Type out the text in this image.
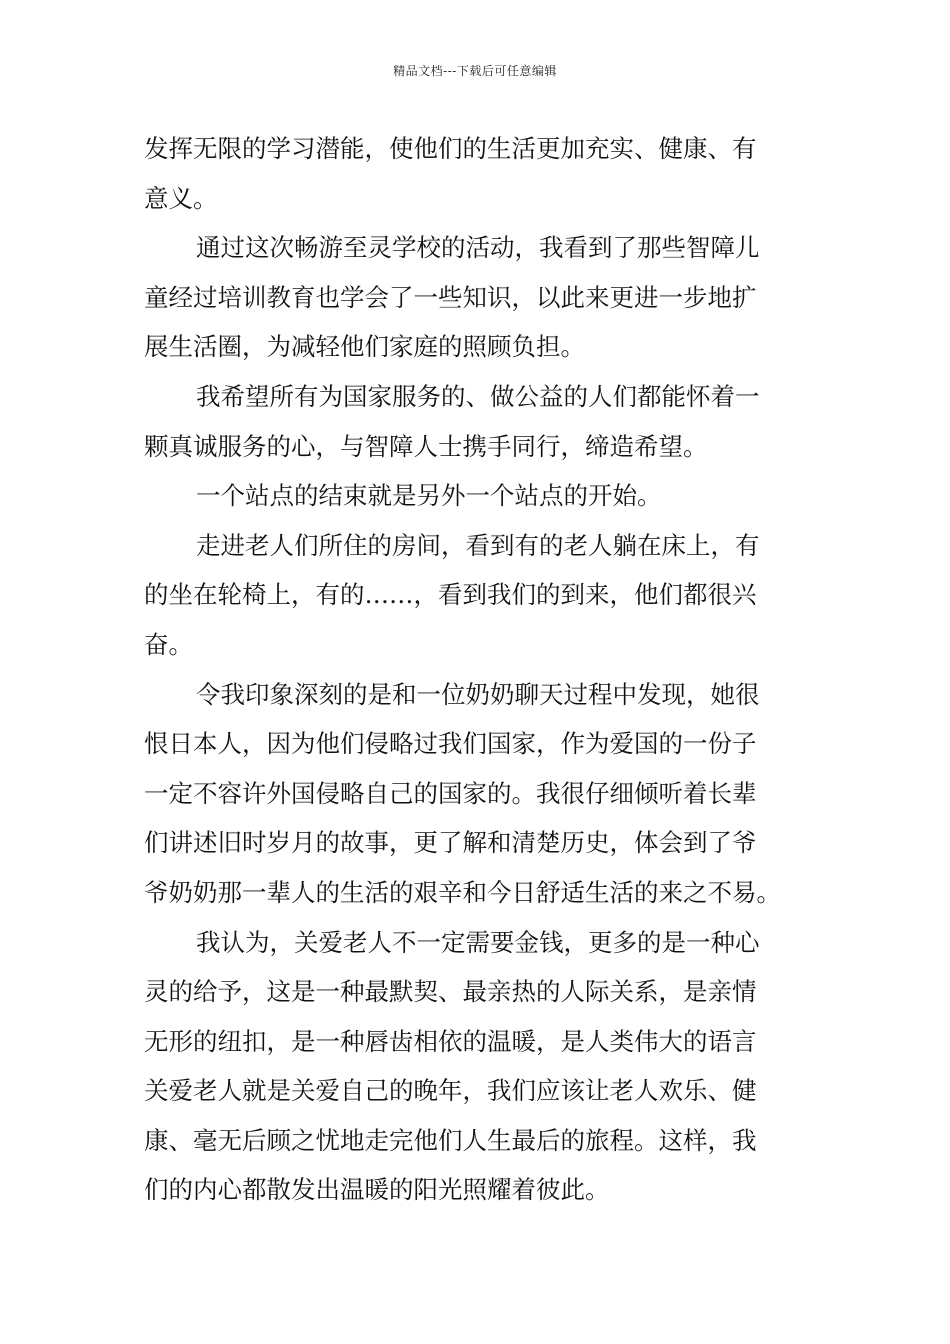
精品文档---下载后可任意编辑
发挥无限的学习潜能，使他们的生活更加充实、健康、有
意义。
通过这次畅游至灵学校的活动，我看到了那些智障儿
童经过培训教育也学会了一些知识，以此来更进一步地扩
展生活圈，为减轻他们家庭的照顾负担。
我希望所有为国家服务的、做公益的人们都能怀着一
颗真诚服务的心，与智障人士携手同行，缔造希望。
一个站点的结束就是另外一个站点的开始。
走进老人们所住的房间，看到有的老人躺在床上，有
的坐在轮椅上，有的……，看到我们的到来，他们都很兴
奋。
令我印象深刻的是和一位奶奶聊天过程中发现，她很
恨日本人，因为他们侵略过我们国家，作为爱国的一份子
一定不容许外国侵略自己的国家的。我很仔细倾听着长辈
们讲述旧时岁月的故事，更了解和清楚历史，体会到了爷
爷奶奶那一辈人的生活的艰辛和今日舒适生活的来之不易。
我认为，关爱老人不一定需要金钱，更多的是一种心
灵的给予，这是一种最默契、最亲热的人际关系，是亲情
无形的纽扣，是一种唇齿相依的温暖，是人类伟大的语言
关爱老人就是关爱自己的晚年，我们应该让老人欢乐、健
康、毫无后顾之忧地走完他们人生最后的旅程。这样，我
们的内心都散发出温暖的阳光照耀着彼此。
